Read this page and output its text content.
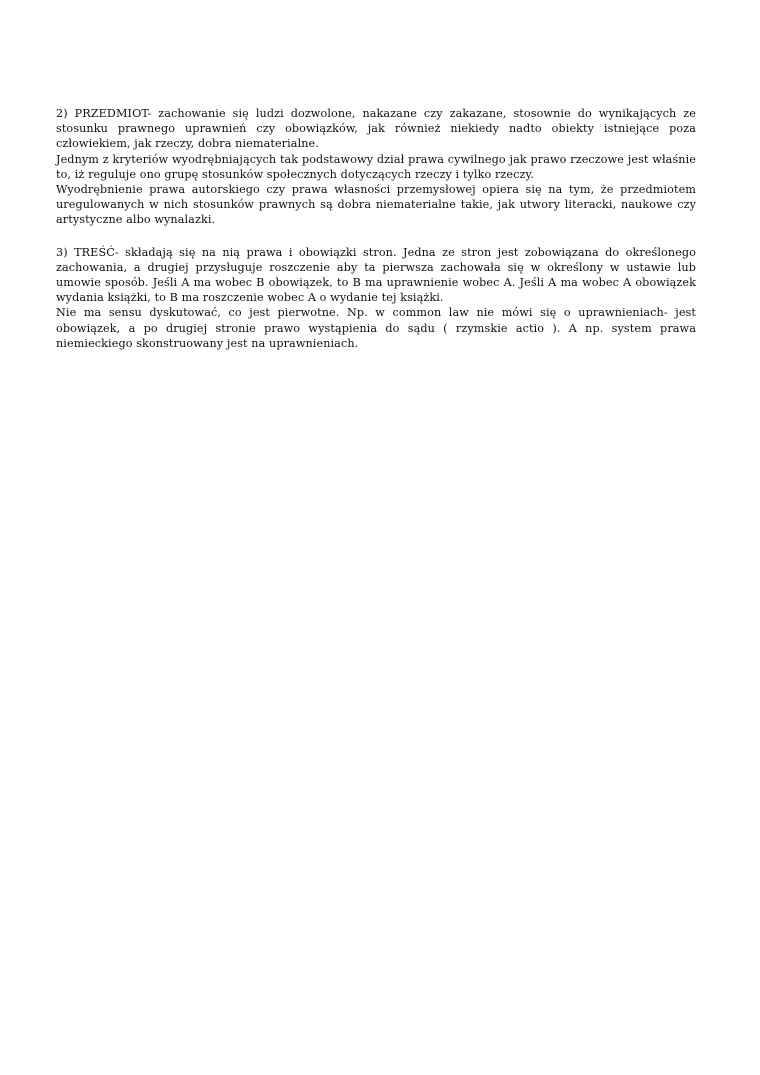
2) PRZEDMIOT- zachowanie się ludzi dozwolone, nakazane czy zakazane, stosownie do wynikających ze stosunku prawnego uprawnień czy obowiązków, jak również niekiedy nadto obiekty istniejące poza człowiekiem, jak rzeczy, dobra niematerialne.

Jednym z kryteriów wyodrębniających tak podstawowy dział prawa cywilnego jak prawo rzeczowe jest właśnie to, iż reguluje ono grupę stosunków społecznych dotyczących rzeczy i tylko rzeczy.

Wyodrębnienie prawa autorskiego czy prawa własności przemysłowej opiera się na tym, że przedmiotem uregulowanych w nich stosunków prawnych są dobra niematerialne takie, jak utwory literacki, naukowe czy artystyczne albo wynalazki.

3) TREŚĆ- składają się na nią prawa i obowiązki stron. Jedna ze stron jest zobowiązana do określonego zachowania, a drugiej przysługuje roszczenie aby ta pierwsza zachowała się w określony w ustawie lub umowie sposób. Jeśli A ma wobec B obowiązek, to B ma uprawnienie wobec A. Jeśli A ma wobec A obowiązek wydania książki, to B ma roszczenie wobec A o wydanie tej książki.

Nie ma sensu dyskutować, co jest pierwotne. Np. w common law nie mówi się o uprawnieniach- jest obowiązek, a po drugiej stronie prawo wystąpienia do sądu ( rzymskie actio ). A np. system prawa niemieckiego skonstruowany jest na uprawnieniach.
